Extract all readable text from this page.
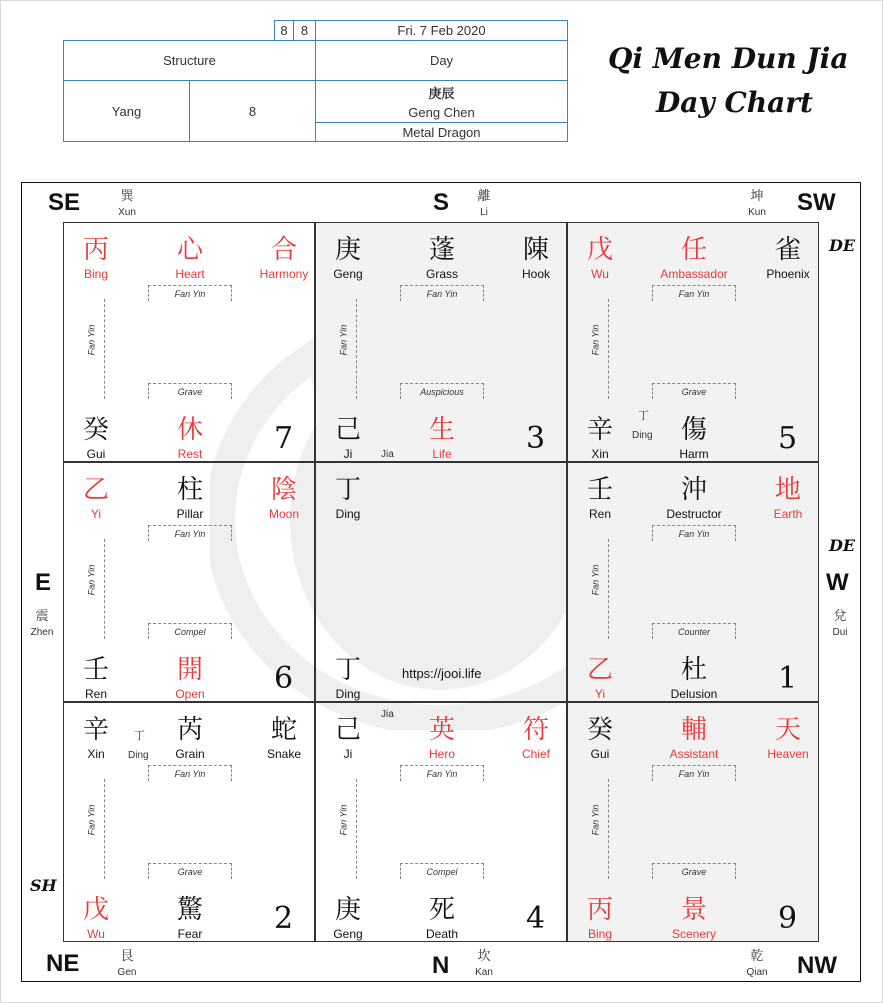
8	8	Fri. 7 Feb 2020
Structure	Day
Yang	8
庚辰
Geng Chen
Metal Dragon
Qi Men Dun Jia
Day Chart
SE	S	SW
E	W
NE	N	NW
巽
Xun
離
Li
坤
Kun
震
Zhen
兌
Dui
艮
Gen
坎
Kan
乾
Qian
DE
DE
SH
丙
Bing
心
Heart
合
Harmony
Fan Yin
Fan Yin
Grave
癸
Gui
休
Rest	7
庚
Geng
蓬
Grass
陳
Hook
Fan Yin
Fan Yin
Auspicious
己
Ji	Jia
生
Life	3
戊
Wu
任
Ambassador
雀
Phoenix
Fan Yin
Fan Yin
Grave
辛
Xin
丁
Ding	傷
Harm	5
乙
Yi
柱
Pillar
陰
Moon
Fan Yin
Fan Yin
Compel
壬
Ren
開
Open	6
丁
Ding
丁
Ding
https://jooi.life
壬
Ren
沖
Destructor
地
Earth
Fan Yin
Fan Yin
Counter
乙
Yi
杜
Delusion	1
辛
Xin
丁
Ding
芮
Grain
蛇
Snake
Fan Yin
Fan Yin
Grave
戊
Wu
驚
Fear	2
己
Ji
Jia
英
Hero
符
Chief
Fan Yin
Fan Yin
Compel
庚
Geng
死
Death	4
癸
Gui
輔
Assistant
天
Heaven
Fan Yin
Fan Yin
Grave
丙
Bing
景
Scenery	9
